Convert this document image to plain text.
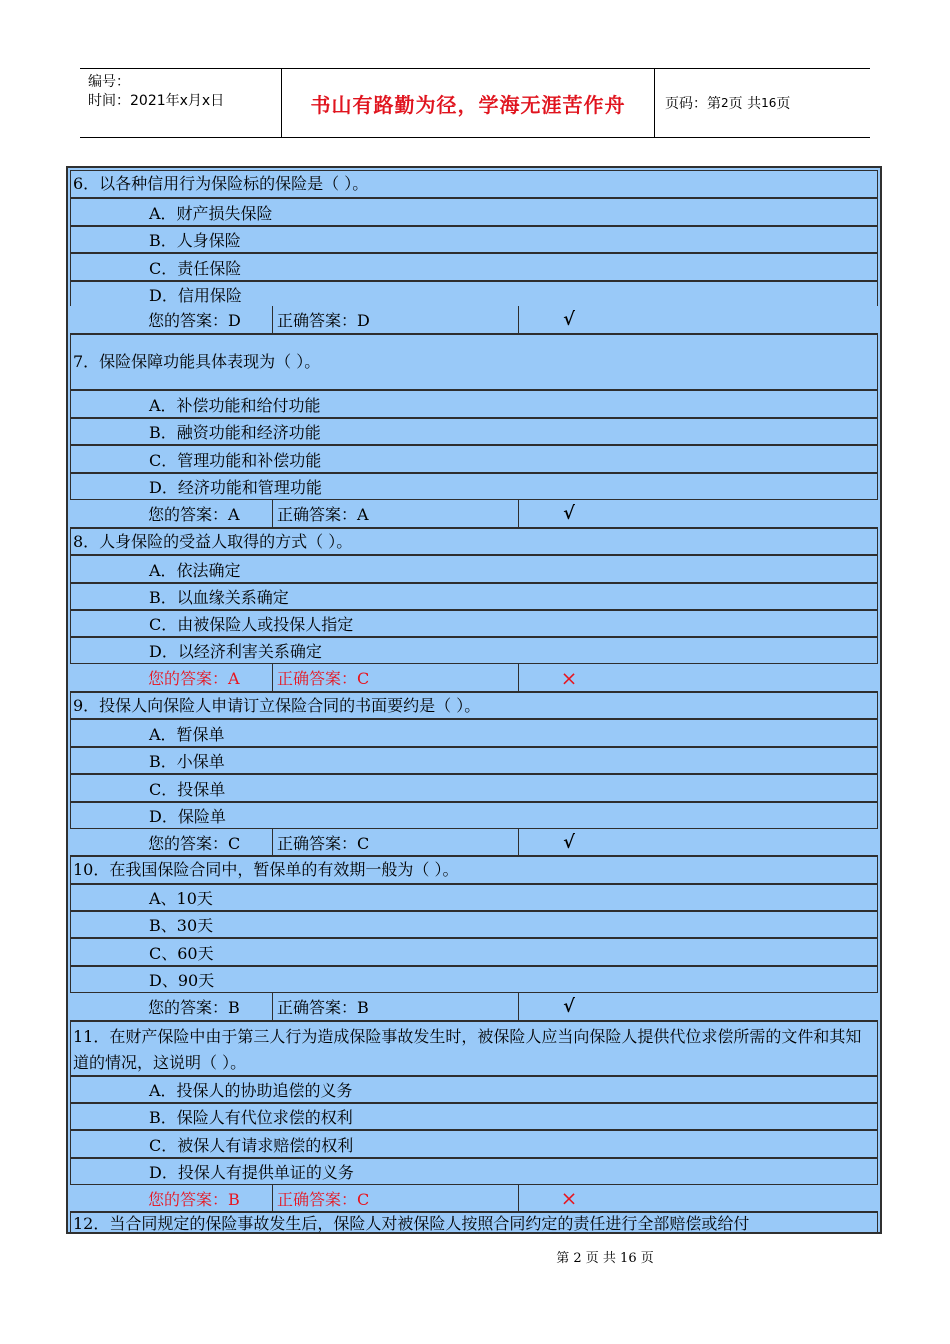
编号：
时间：2021年x月x日	书山有路勤为径，学海无涯苦作舟	页码：第 2 页 共 16 页
6．以各种信用行为保险标的保险是（ ）。
A．财产损失保险
B．人身保险
C．责任保险
D．信用保险
您的答案：D	正确答案：D	√
7．保险保障功能具体表现为（ ）。
A．补偿功能和给付功能
B．融资功能和经济功能
C．管理功能和补偿功能
D．经济功能和管理功能
您的答案：A	正确答案：A	√
8．人身保险的受益人取得的方式（ ）。
A．依法确定
B．以血缘关系确定
C．由被保险人或投保人指定
D．以经济利害关系确定
您的答案：A	正确答案：C	×
9．投保人向保险人申请订立保险合同的书面要约是（ ）。
A．暂保单
B．小保单
C．投保单
D．保险单
您的答案：C	正确答案：C	√
10．在我国保险合同中，暂保单的有效期一般为（ ）。
A、10天
B、30天
C、60天
D、90天
您的答案：B	正确答案：B	√
11．在财产保险中由于第三人行为造成保险事故发生时，被保险人应当向保险人提供代位求偿所需的文件和其知道的情况，这说明（ ）。
A．投保人的协助追偿的义务
B．保险人有代位求偿的权利
C．被保人有请求赔偿的权利
D．投保人有提供单证的义务
您的答案：B	正确答案：C	×
12．当合同规定的保险事故发生后，保险人对被保险人按照合同约定的责任进行全部赔偿或给付
第 2 页 共 16 页
